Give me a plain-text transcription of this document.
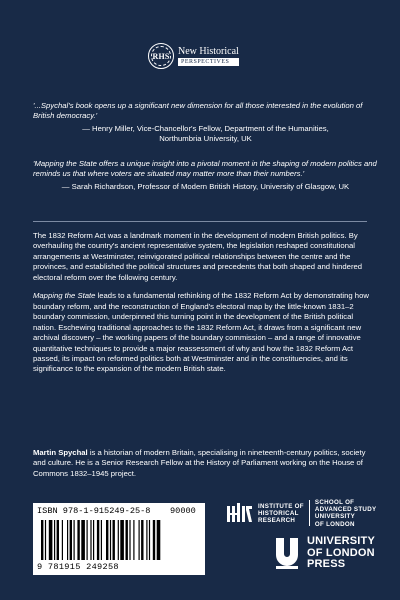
RHS New Historical
PERSPECTIVES
'...Spychal's book opens up a significant new dimension for all those interested in the evolution of British democracy.'
— Henry Miller, Vice-Chancellor's Fellow, Department of the Humanities,
Northumbria University, UK
'Mapping the State offers a unique insight into a pivotal moment in the shaping of modern politics and reminds us that where voters are situated may matter more than their numbers.'
— Sarah Richardson, Professor of Modern British History, University of Glasgow, UK

The 1832 Reform Act was a landmark moment in the development of modern British politics. By overhauling the country's ancient representative system, the legislation reshaped constitutional arrangements at Westminster, reinvigorated political relationships between the centre and the provinces, and established the political structures and precedents that both shaped and hindered electoral reform over the following century.

Mapping the State leads to a fundamental rethinking of the 1832 Reform Act by demonstrating how boundary reform, and the reconstruction of England's electoral map by the little-known 1831–2 boundary commission, underpinned this turning point in the development of the British political nation. Eschewing traditional approaches to the 1832 Reform Act, it draws from a significant new archival discovery – the working papers of the boundary commission – and a range of innovative quantitative techniques to provide a major reassessment of why and how the 1832 Reform Act passed, its impact on reformed politics both at Westminster and in the constituencies, and its significance to the expansion of the modern British state.

Martin Spychal is a historian of modern Britain, specialising in nineteenth-century politics, society and culture. He is a Senior Research Fellow at the History of Parliament working on the House of Commons 1832–1945 project.

ISBN 978-1-915249-25-8 90000
9 781915 249258
INSTITUTE OF
HISTORICAL
RESEARCH
SCHOOL OF
ADVANCED STUDY
UNIVERSITY
OF LONDON
UNIVERSITY
OF LONDON
PRESS
